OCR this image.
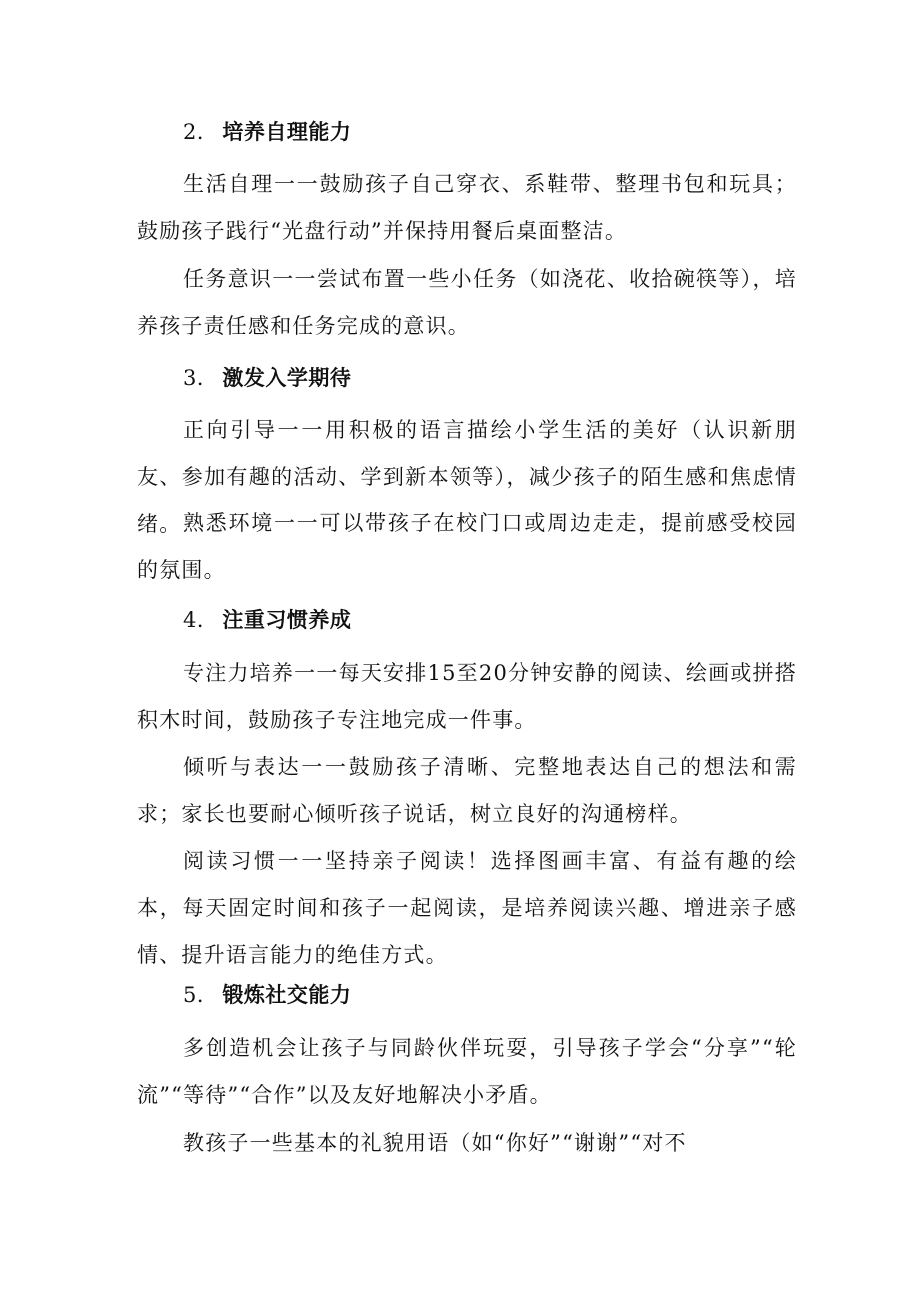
2． 培养自理能力
生活自理一一鼓励孩子自己穿衣、系鞋带、整理书包和玩具；鼓励孩子践行“光盘行动”并保持用餐后桌面整洁。
任务意识一一尝试布置一些小任务（如浇花、收拾碗筷等），培养孩子责任感和任务完成的意识。
3． 激发入学期待
正向引导一一用积极的语言描绘小学生活的美好（认识新朋友、参加有趣的活动、学到新本领等），减少孩子的陌生感和焦虑情绪。 熟悉环境一一可以带孩子在校门口或周边走走，提前感受校园的氛围。
4． 注重习惯养成
专注力培养一一每天安排15至20分钟安静的阅读、绘画或拼搭积木时间，鼓励孩子专注地完成一件事。
倾听与表达一一鼓励孩子清晰、完整地表达自己的想法和需求；家长也要耐心倾听孩子说话，树立良好的沟通榜样。
阅读习惯一一坚持亲子阅读！选择图画丰富、有益有趣的绘本，每天固定时间和孩子一起阅读，是培养阅读兴趣、增进亲子感情、提升语言能力的绝佳方式。
5． 锻炼社交能力
多创造机会让孩子与同龄伙伴玩耍，引导孩子学会“分享”“轮流”“等待”“合作”以及友好地解决小矛盾。
教孩子一些基本的礼貌用语（如“你好”“谢谢”“对不
